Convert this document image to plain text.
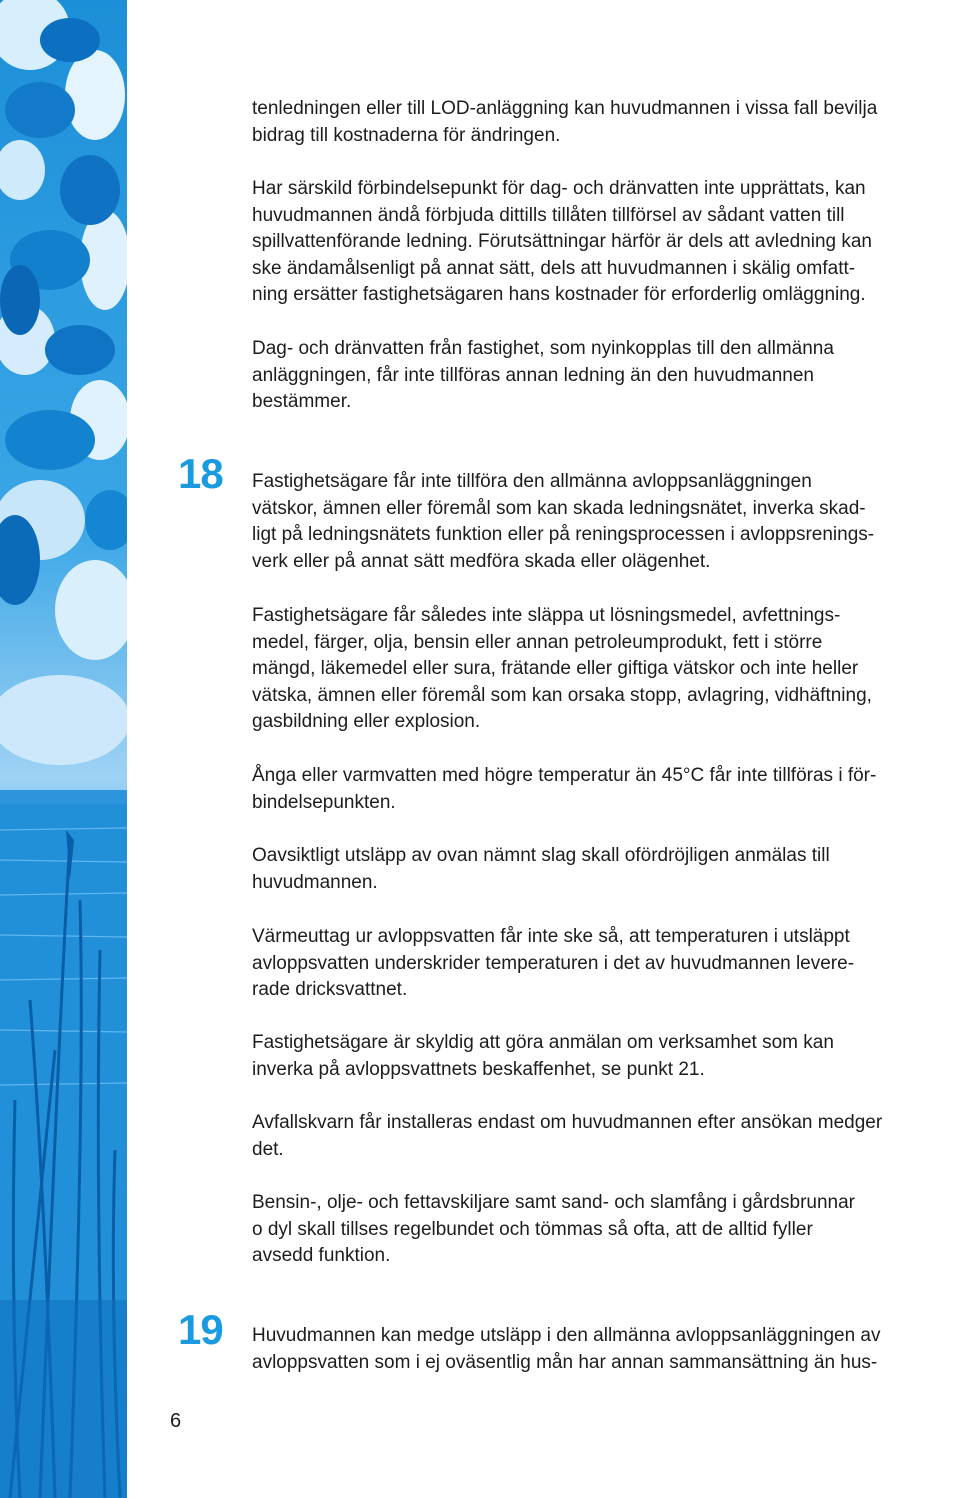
18
19

tenledningen eller till LOD-anläggning kan huvudmannen i vissa fall bevilja
bidrag till kostnaderna för ändringen.

Har särskild förbindelsepunkt för dag- och dränvatten inte upprättats, kan
huvudmannen ändå förbjuda dittills tillåten tillförsel av sådant vatten till
spillvattenförande ledning. Förutsättningar härför är dels att avledning kan
ske ändamålsenligt på annat sätt, dels att huvudmannen i skälig omfatt-
ning ersätter fastighetsägaren hans kostnader för erforderlig omläggning.

Dag- och dränvatten från fastighet, som nyinkopplas till den allmänna
anläggningen, får inte tillföras annan ledning än den huvudmannen
bestämmer.

Fastighetsägare får inte tillföra den allmänna avloppsanläggningen
vätskor, ämnen eller föremål som kan skada ledningsnätet, inverka skad-
ligt på ledningsnätets funktion eller på reningsprocessen i avloppsrenings-
verk eller på annat sätt medföra skada eller olägenhet.

Fastighetsägare får således inte släppa ut lösningsmedel, avfettnings-
medel, färger, olja, bensin eller annan petroleumprodukt, fett i större
mängd, läkemedel eller sura, frätande eller giftiga vätskor och inte heller
vätska, ämnen eller föremål som kan orsaka stopp, avlagring, vidhäftning,
gasbildning eller explosion.

Ånga eller varmvatten med högre temperatur än 45°C får inte tillföras i för-
bindelsepunkten.

Oavsiktligt utsläpp av ovan nämnt slag skall ofördröjligen anmälas till
huvudmannen.

Värmeuttag ur avloppsvatten får inte ske så, att temperaturen i utsläppt
avloppsvatten underskrider temperaturen i det av huvudmannen levere-
rade dricksvattnet.

Fastighetsägare är skyldig att göra anmälan om verksamhet som kan
inverka på avloppsvattnets beskaffenhet, se punkt 21.

Avfallskvarn får installeras endast om huvudmannen efter ansökan medger
det.

Bensin-, olje- och fettavskiljare samt sand- och slamfång i gårdsbrunnar
o dyl skall tillses regelbundet och tömmas så ofta, att de alltid fyller
avsedd funktion.

Huvudmannen kan medge utsläpp i den allmänna avloppsanläggningen av
avloppsvatten som i ej oväsentlig mån har annan sammansättning än hus-

6
